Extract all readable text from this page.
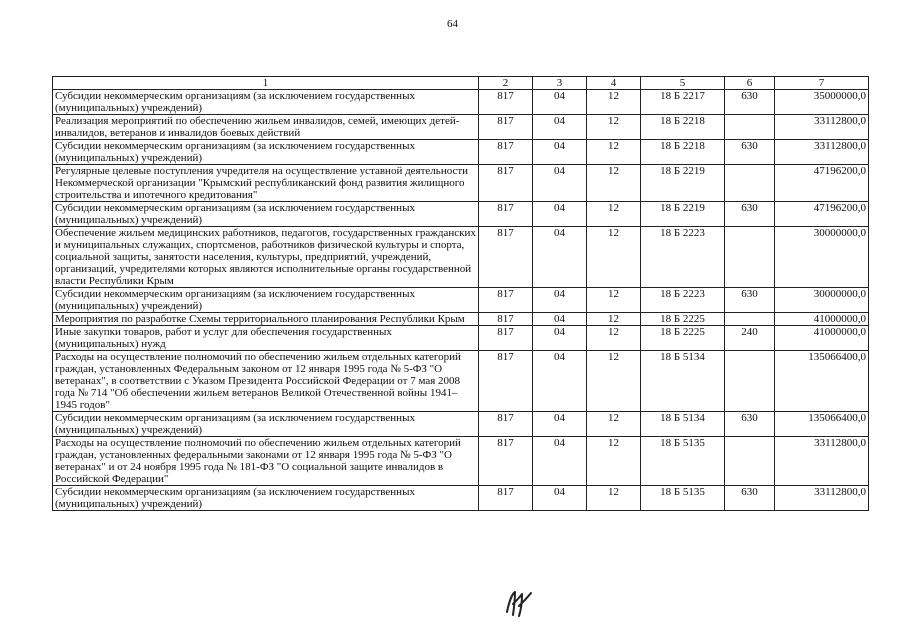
64
1	2	3	4	5	6	7
Субсидии некоммерческим организациям (за исключением государственных (муниципальных) учреждений)	817	04	12	18 Б 2217	630	35000000,0
Реализация мероприятий по обеспечению жильем инвалидов, семей, имеющих детей-инвалидов, ветеранов и инвалидов боевых действий	817	04	12	18 Б 2218		33112800,0
Субсидии некоммерческим организациям (за исключением государственных (муниципальных) учреждений)	817	04	12	18 Б 2218	630	33112800,0
Регулярные целевые поступления учредителя на осуществление уставной деятельности Некоммерческой организации "Крымский республиканский фонд развития жилищного строительства и ипотечного кредитования"	817	04	12	18 Б 2219		47196200,0
Субсидии некоммерческим организациям (за исключением государственных (муниципальных) учреждений)	817	04	12	18 Б 2219	630	47196200,0
Обеспечение жильем медицинских работников, педагогов, государственных гражданских и муниципальных служащих, спортсменов, работников физической культуры и спорта, социальной защиты, занятости населения, культуры, предприятий, учреждений, организаций, учредителями которых являются исполнительные органы государственной власти Республики Крым	817	04	12	18 Б 2223		30000000,0
Субсидии некоммерческим организациям (за исключением государственных (муниципальных) учреждений)	817	04	12	18 Б 2223	630	30000000,0
Мероприятия по разработке Схемы территориального планирования Республики Крым	817	04	12	18 Б 2225		41000000,0
Иные закупки товаров, работ и услуг для обеспечения государственных (муниципальных) нужд	817	04	12	18 Б 2225	240	41000000,0
Расходы на осуществление полномочий по обеспечению жильем отдельных категорий граждан, установленных Федеральным законом от 12 января 1995 года № 5-ФЗ "О ветеранах", в соответствии с Указом Президента Российской Федерации от 7 мая 2008 года № 714 "Об обеспечении жильем ветеранов Великой Отечественной войны 1941–1945 годов"	817	04	12	18 Б 5134		135066400,0
Субсидии некоммерческим организациям (за исключением государственных (муниципальных) учреждений)	817	04	12	18 Б 5134	630	135066400,0
Расходы на осуществление полномочий по обеспечению жильем отдельных категорий граждан, установленных федеральными законами от 12 января 1995 года № 5-ФЗ "О ветеранах" и от 24 ноября 1995 года № 181-ФЗ "О социальной защите инвалидов в Российской Федерации"	817	04	12	18 Б 5135		33112800,0
Субсидии некоммерческим организациям (за исключением государственных (муниципальных) учреждений)	817	04	12	18 Б 5135	630	33112800,0
